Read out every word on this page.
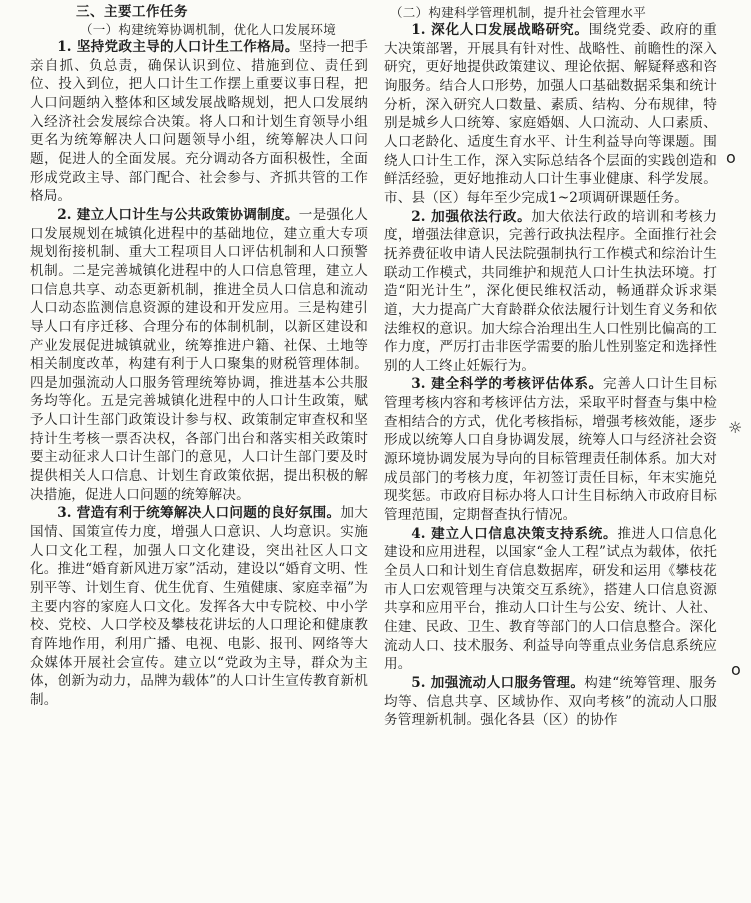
三、主要工作任务

（一）构建统筹协调机制，优化人口发展环境

1. 坚持党政主导的人口计生工作格局。坚持一把手亲自抓、负总责，确保认识到位、措施到位、责任到位、投入到位，把人口计生工作摆上重要议事日程，把人口问题纳入整体和区域发展战略规划，把人口发展纳入经济社会发展综合决策。将人口和计划生育领导小组更名为统筹解决人口问题领导小组，统筹解决人口问题，促进人的全面发展。充分调动各方面积极性，全面形成党政主导、部门配合、社会参与、齐抓共管的工作格局。

2. 建立人口计生与公共政策协调制度。一是强化人口发展规划在城镇化进程中的基础地位，建立重大专项规划衔接机制、重大工程项目人口评估机制和人口预警机制。二是完善城镇化进程中的人口信息管理，建立人口信息共享、动态更新机制，推进全员人口信息和流动人口动态监测信息资源的建设和开发应用。三是构建引导人口有序迁移、合理分布的体制机制，以新区建设和产业发展促进城镇就业，统筹推进户籍、社保、土地等相关制度改革，构建有利于人口聚集的财税管理体制。四是加强流动人口服务管理统筹协调，推进基本公共服务均等化。五是完善城镇化进程中的人口计生政策，赋予人口计生部门政策设计参与权、政策制定审查权和坚持计生考核一票否决权，各部门出台和落实相关政策时要主动征求人口计生部门的意见，人口计生部门要及时提供相关人口信息、计划生育政策依据，提出积极的解决措施，促进人口问题的统筹解决。

3. 营造有利于统筹解决人口问题的良好氛围。加大国情、国策宣传力度，增强人口意识、人均意识。实施人口文化工程，加强人口文化建设，突出社区人口文化。推进“婚育新风进万家”活动，建设以“婚育文明、性别平等、计划生育、优生优育、生殖健康、家庭幸福”为主要内容的家庭人口文化。发挥各大中专院校、中小学校、党校、人口学校及攀枝花讲坛的人口理论和健康教育阵地作用，利用广播、电视、电影、报刊、网络等大众媒体开展社会宣传。建立以“党政为主导，群众为主体，创新为动力，品牌为载体”的人口计生宣传教育新机制。

（二）构建科学管理机制，提升社会管理水平

1. 深化人口发展战略研究。围绕党委、政府的重大决策部署，开展具有针对性、战略性、前瞻性的深入研究，更好地提供政策建议、理论依据、解疑释惑和咨询服务。结合人口形势，加强人口基础数据采集和统计分析，深入研究人口数量、素质、结构、分布规律，特别是城乡人口统筹、家庭婚姻、人口流动、人口素质、人口老龄化、适度生育水平、计生利益导向等课题。围绕人口计生工作，深入实际总结各个层面的实践创造和鲜活经验，更好地推动人口计生事业健康、科学发展。市、县（区）每年至少完成1~2项调研课题任务。

2. 加强依法行政。加大依法行政的培训和考核力度，增强法律意识，完善行政执法程序。全面推行社会抚养费征收申请人民法院强制执行工作模式和综治计生联动工作模式，共同维护和规范人口计生执法环境。打造“阳光计生”，深化便民维权活动，畅通群众诉求渠道，大力提高广大育龄群众依法履行计划生育义务和依法维权的意识。加大综合治理出生人口性别比偏高的工作力度，严厉打击非医学需要的胎儿性别鉴定和选择性别的人工终止妊娠行为。

3. 建全科学的考核评估体系。完善人口计生目标管理考核内容和考核评估方法，采取平时督查与集中检查相结合的方式，优化考核指标，增强考核效能，逐步形成以统筹人口自身协调发展，统筹人口与经济社会资源环境协调发展为导向的目标管理责任制体系。加大对成员部门的考核力度，年初签订责任目标，年末实施兑现奖惩。市政府目标办将人口计生目标纳入市政府目标管理范围，定期督查执行情况。

4. 建立人口信息决策支持系统。推进人口信息化建设和应用进程，以国家“金人工程”试点为载体，依托全员人口和计划生育信息数据库，研发和运用《攀枝花市人口宏观管理与决策交互系统》，搭建人口信息资源共享和应用平台，推动人口计生与公安、统计、人社、住建、民政、卫生、教育等部门的人口信息整合。深化流动人口、技术服务、利益导向等重点业务信息系统应用。

5. 加强流动人口服务管理。构建“统筹管理、服务均等、信息共享、区域协作、双向考核”的流动人口服务管理新机制。强化各县（区）的协作

o
☼
o
